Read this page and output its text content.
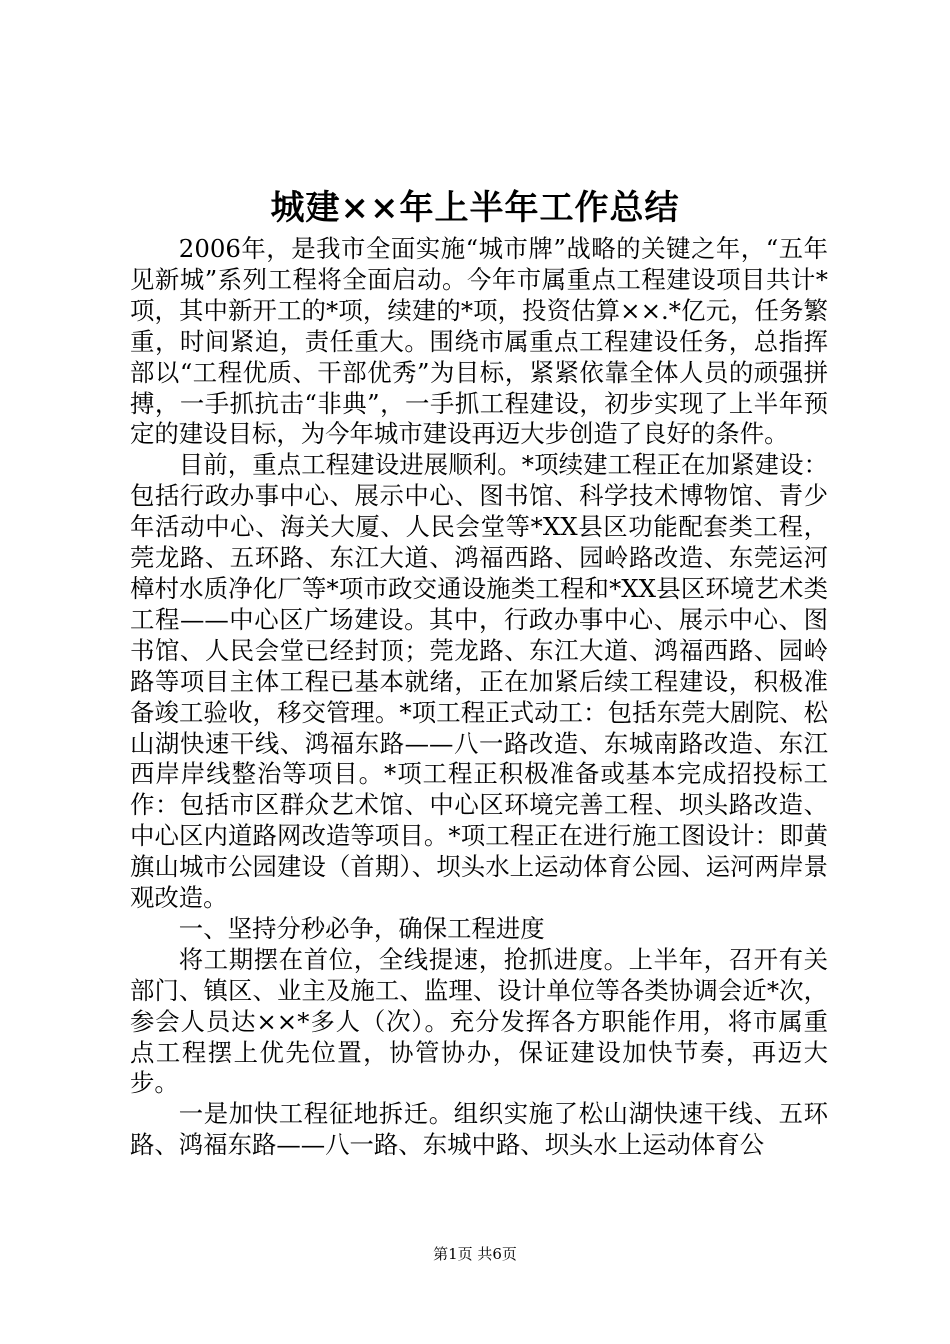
城建××年上半年工作总结

2006年，是我市全面实施“城市牌”战略的关键之年，“五年见新城”系列工程将全面启动。今年市属重点工程建设项目共计*项，其中新开工的*项，续建的*项，投资估算××.*亿元，任务繁重，时间紧迫，责任重大。围绕市属重点工程建设任务，总指挥部以“工程优质、干部优秀”为目标，紧紧依靠全体人员的顽强拼搏，一手抓抗击“非典”，一手抓工程建设，初步实现了上半年预定的建设目标，为今年城市建设再迈大步创造了良好的条件。

目前，重点工程建设进展顺利。*项续建工程正在加紧建设：包括行政办事中心、展示中心、图书馆、科学技术博物馆、青少年活动中心、海关大厦、人民会堂等*XX县区功能配套类工程，莞龙路、五环路、东江大道、鸿福西路、园岭路改造、东莞运河樟村水质净化厂等*项市政交通设施类工程和*XX县区环境艺术类工程——中心区广场建设。其中，行政办事中心、展示中心、图书馆、人民会堂已经封顶；莞龙路、东江大道、鸿福西路、园岭路等项目主体工程已基本就绪，正在加紧后续工程建设，积极准备竣工验收，移交管理。*项工程正式动工：包括东莞大剧院、松山湖快速干线、鸿福东路——八一路改造、东城南路改造、东江西岸岸线整治等项目。*项工程正积极准备或基本完成招投标工作：包括市区群众艺术馆、中心区环境完善工程、坝头路改造、中心区内道路网改造等项目。*项工程正在进行施工图设计：即黄旗山城市公园建设（首期）、坝头水上运动体育公园、运河两岸景观改造。

一、坚持分秒必争，确保工程进度

将工期摆在首位，全线提速，抢抓进度。上半年，召开有关部门、镇区、业主及施工、监理、设计单位等各类协调会近*次，参会人员达××*多人（次）。充分发挥各方职能作用，将市属重点工程摆上优先位置，协管协办，保证建设加快节奏，再迈大步。

一是加快工程征地拆迁。组织实施了松山湖快速干线、五环路、鸿福东路——八一路、东城中路、坝头水上运动体育公

第1页 共6页
